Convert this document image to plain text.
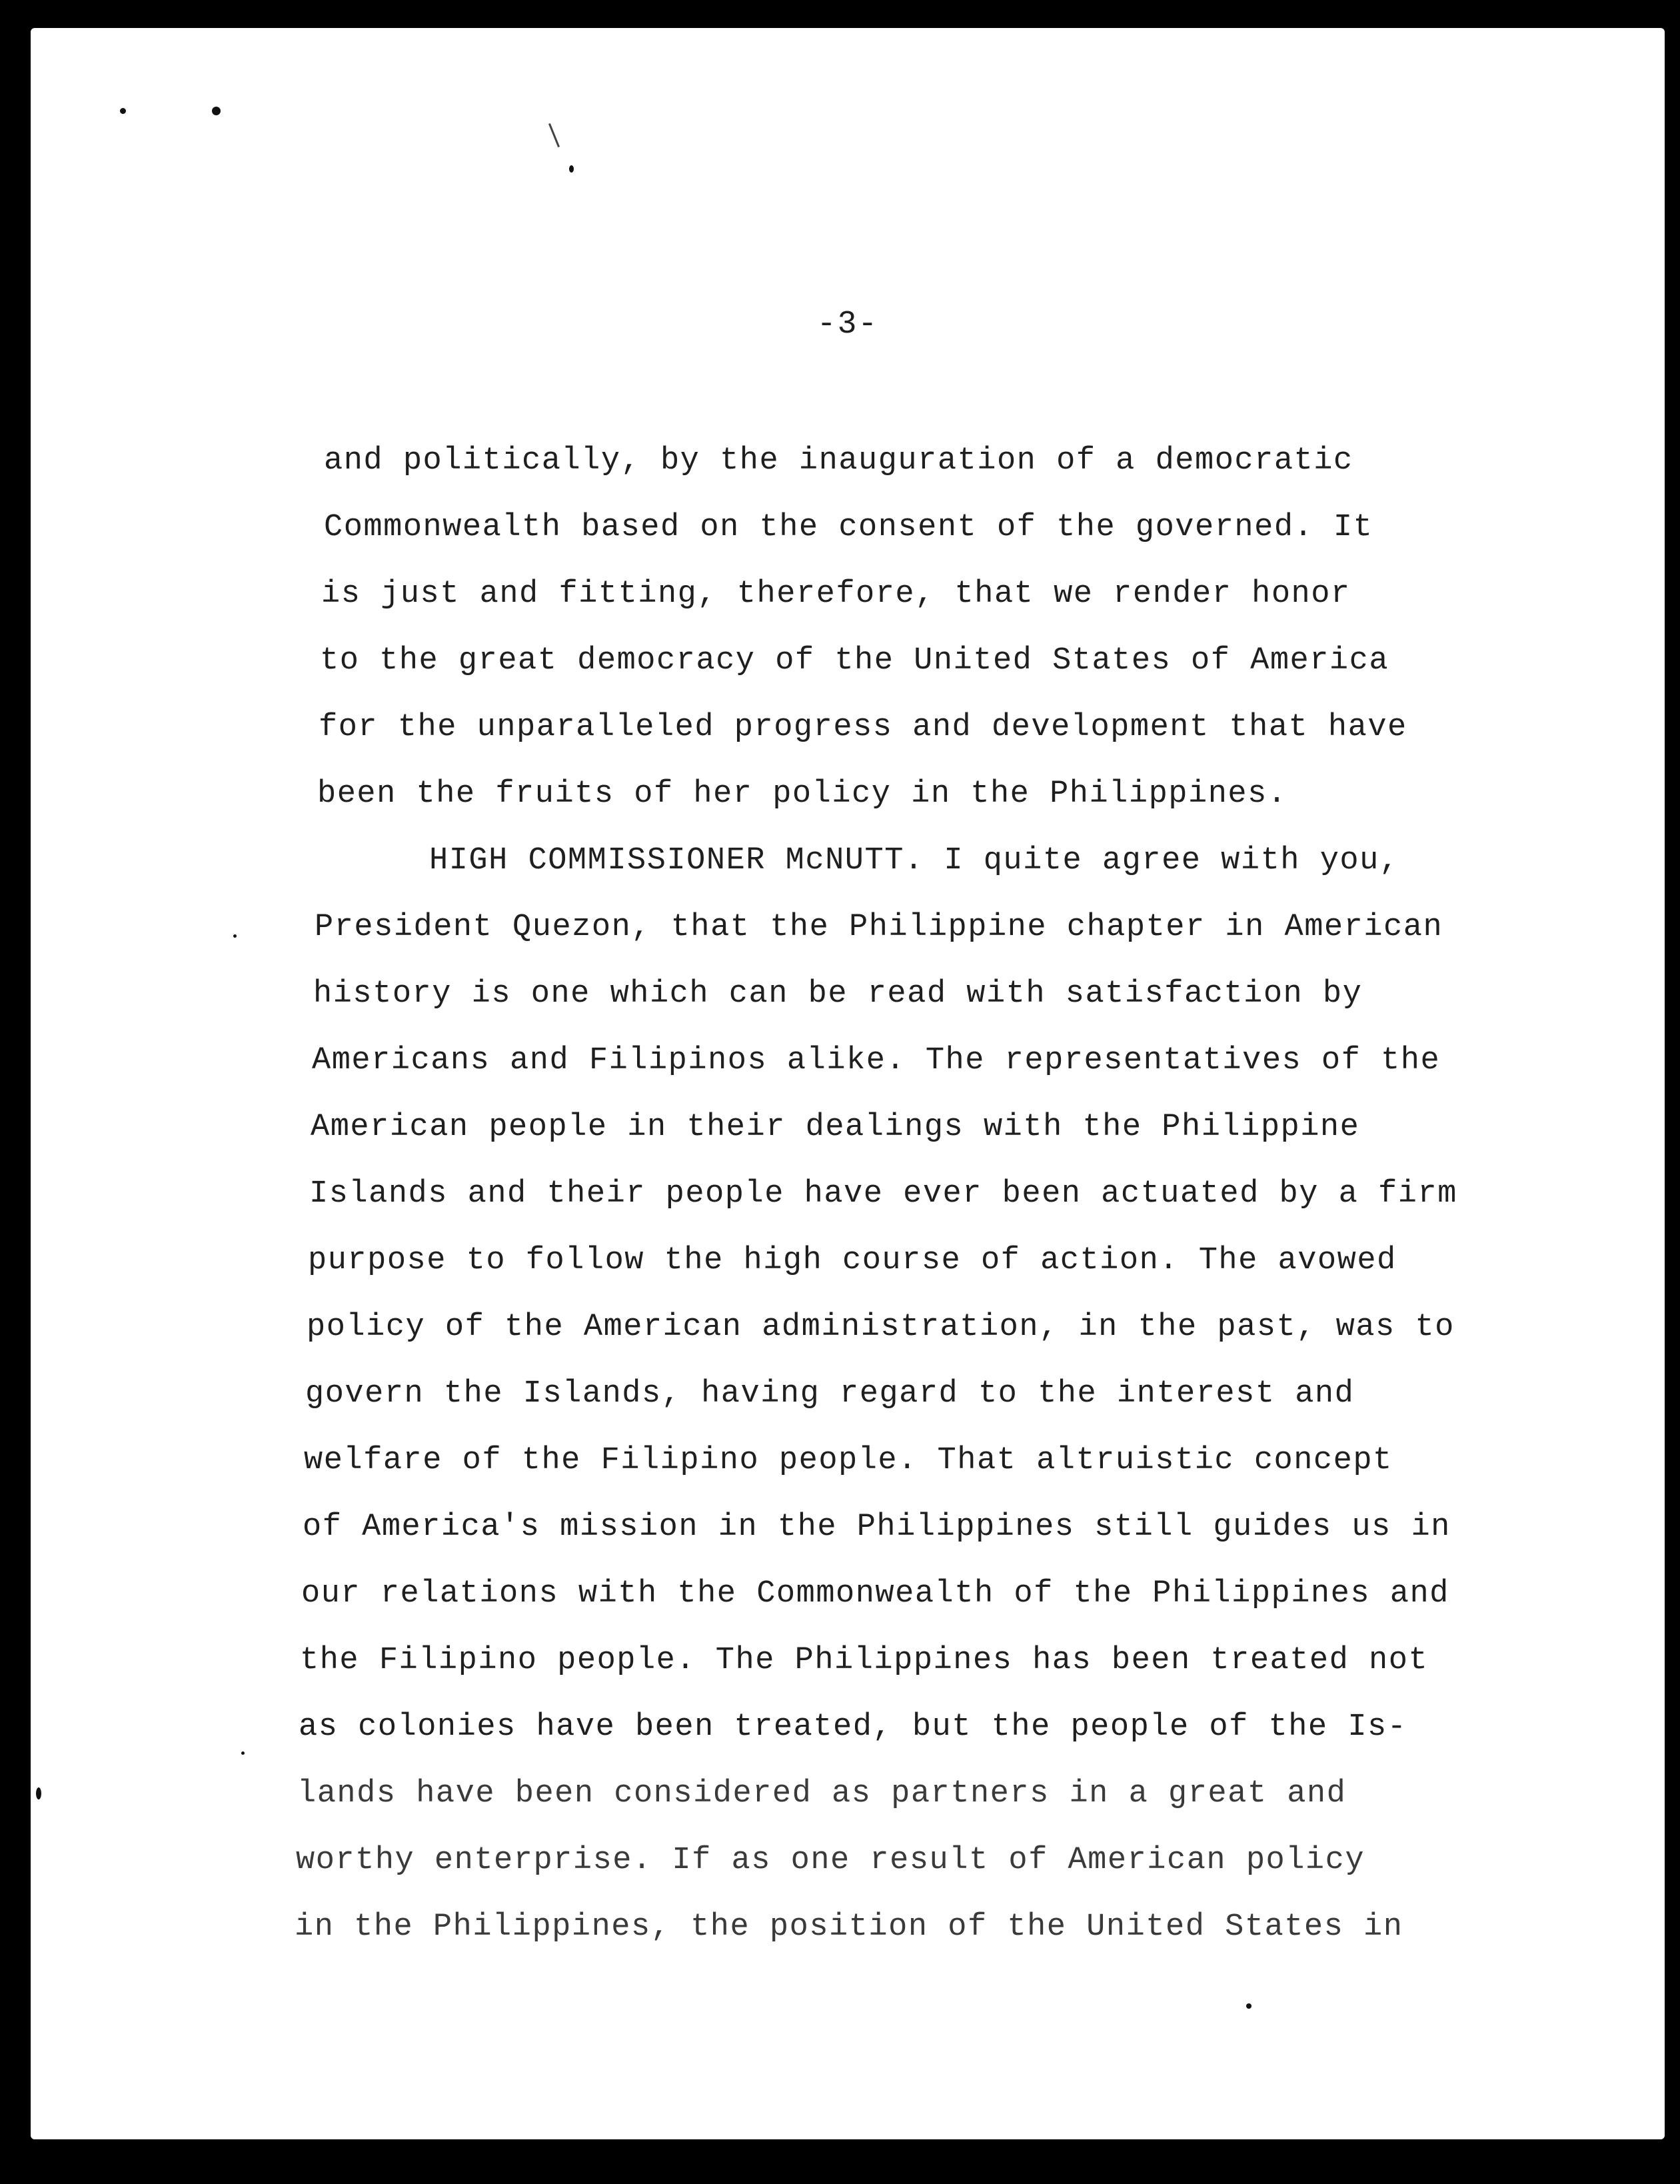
-3-
and politically, by the inauguration of a democratic
Commonwealth based on the consent of the governed. It
is just and fitting, therefore, that we render honor
to the great democracy of the United States of America
for the unparalleled progress and development that have
been the fruits of her policy in the Philippines.
HIGH COMMISSIONER McNUTT. I quite agree with you,
President Quezon, that the Philippine chapter in American
history is one which can be read with satisfaction by
Americans and Filipinos alike. The representatives of the
American people in their dealings with the Philippine
Islands and their people have ever been actuated by a firm
purpose to follow the high course of action. The avowed
policy of the American administration, in the past, was to
govern the Islands, having regard to the interest and
welfare of the Filipino people. That altruistic concept
of America's mission in the Philippines still guides us in
our relations with the Commonwealth of the Philippines and
the Filipino people. The Philippines has been treated not
as colonies have been treated, but the people of the Is-
lands have been considered as partners in a great and
worthy enterprise. If as one result of American policy
in the Philippines, the position of the United States in
